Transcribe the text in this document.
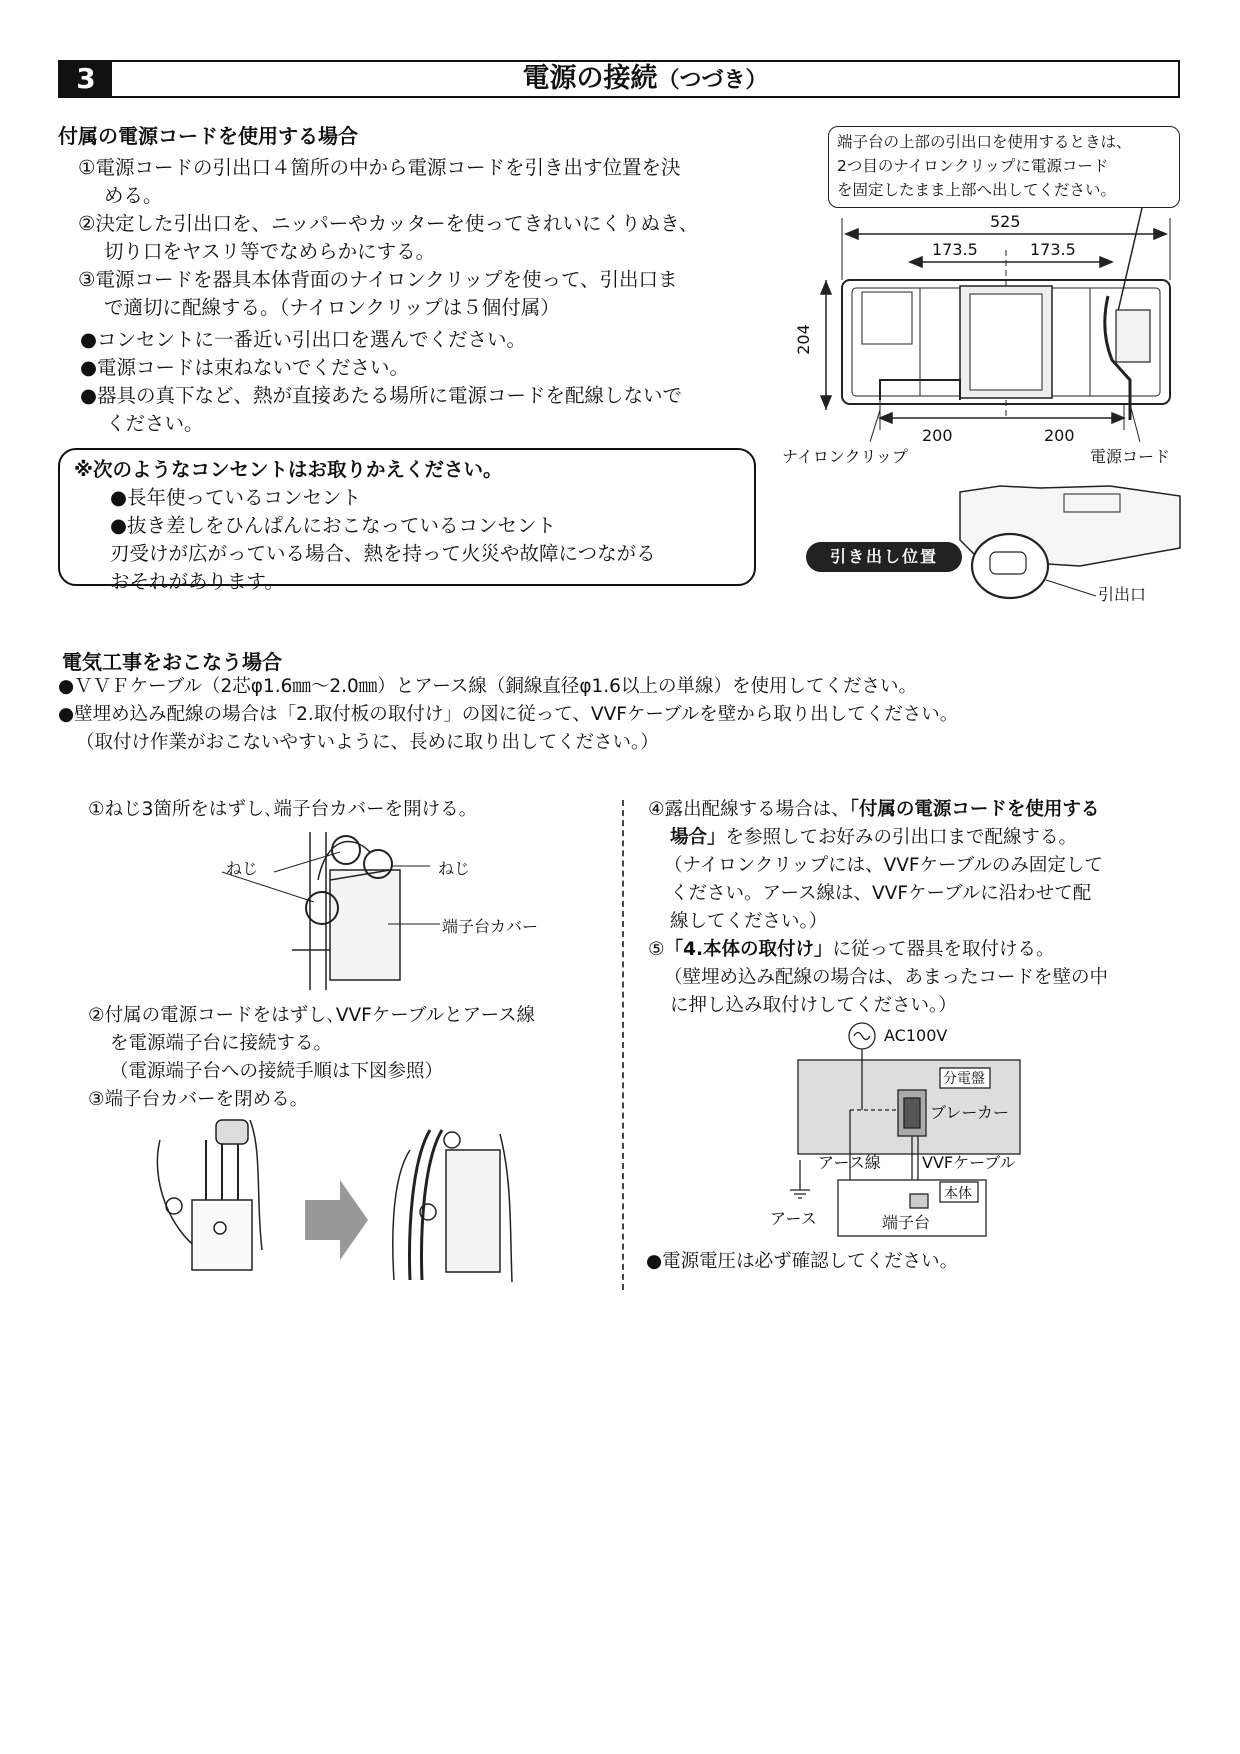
3	電源の接続（つづき）
付属の電源コードを使用する場合
①電源コードの引出口４箇所の中から電源コードを引き出す位置を決
める。
②決定した引出口を、ニッパーやカッターを使ってきれいにくりぬき、
切り口をヤスリ等でなめらかにする。
③電源コードを器具本体背面のナイロンクリップを使って、引出口ま
で適切に配線する。（ナイロンクリップは５個付属）
●コンセントに一番近い引出口を選んでください。
●電源コードは束ねないでください。
●器具の真下など、熱が直接あたる場所に電源コードを配線しないで
ください。
※次のようなコンセントはお取りかえください。
●長年使っているコンセント
●抜き差しをひんぱんにおこなっているコンセント
刃受けが広がっている場合、熱を持って火災や故障につながる
おそれがあります。
端子台の上部の引出口を使用するときは、
2つ目のナイロンクリップに電源コード
を固定したまま上部へ出してください。
525
173.5	173.5
204
200	200
ナイロンクリップ	電源コード
引き出し位置
引出口
電気工事をおこなう場合
●ＶＶＦケーブル（2芯φ1.6㎜〜2.0㎜）とアース線（銅線直径φ1.6以上の単線）を使用してください。
●壁埋め込み配線の場合は「2.取付板の取付け」の図に従って、VVFケーブルを壁から取り出してください。
（取付け作業がおこないやすいように、長めに取り出してください。）
①ねじ3箇所をはずし､端子台カバーを開ける。
ねじ	ねじ
端子台カバー
②付属の電源コードをはずし､VVFケーブルとアース線
を電源端子台に接続する。
（電源端子台への接続手順は下図参照）
③端子台カバーを閉める。
④露出配線する場合は、「付属の電源コードを使用する
場合」を参照してお好みの引出口まで配線する。
（ナイロンクリップには、VVFケーブルのみ固定して
ください。アース線は、VVFケーブルに沿わせて配
線してください。）
⑤「4.本体の取付け」に従って器具を取付ける。
（壁埋め込み配線の場合は、あまったコードを壁の中
に押し込み取付けしてください。）
AC100V
分電盤
ブレーカー
アース線	VVFケーブル
本体
アース	端子台
●電源電圧は必ず確認してください。
